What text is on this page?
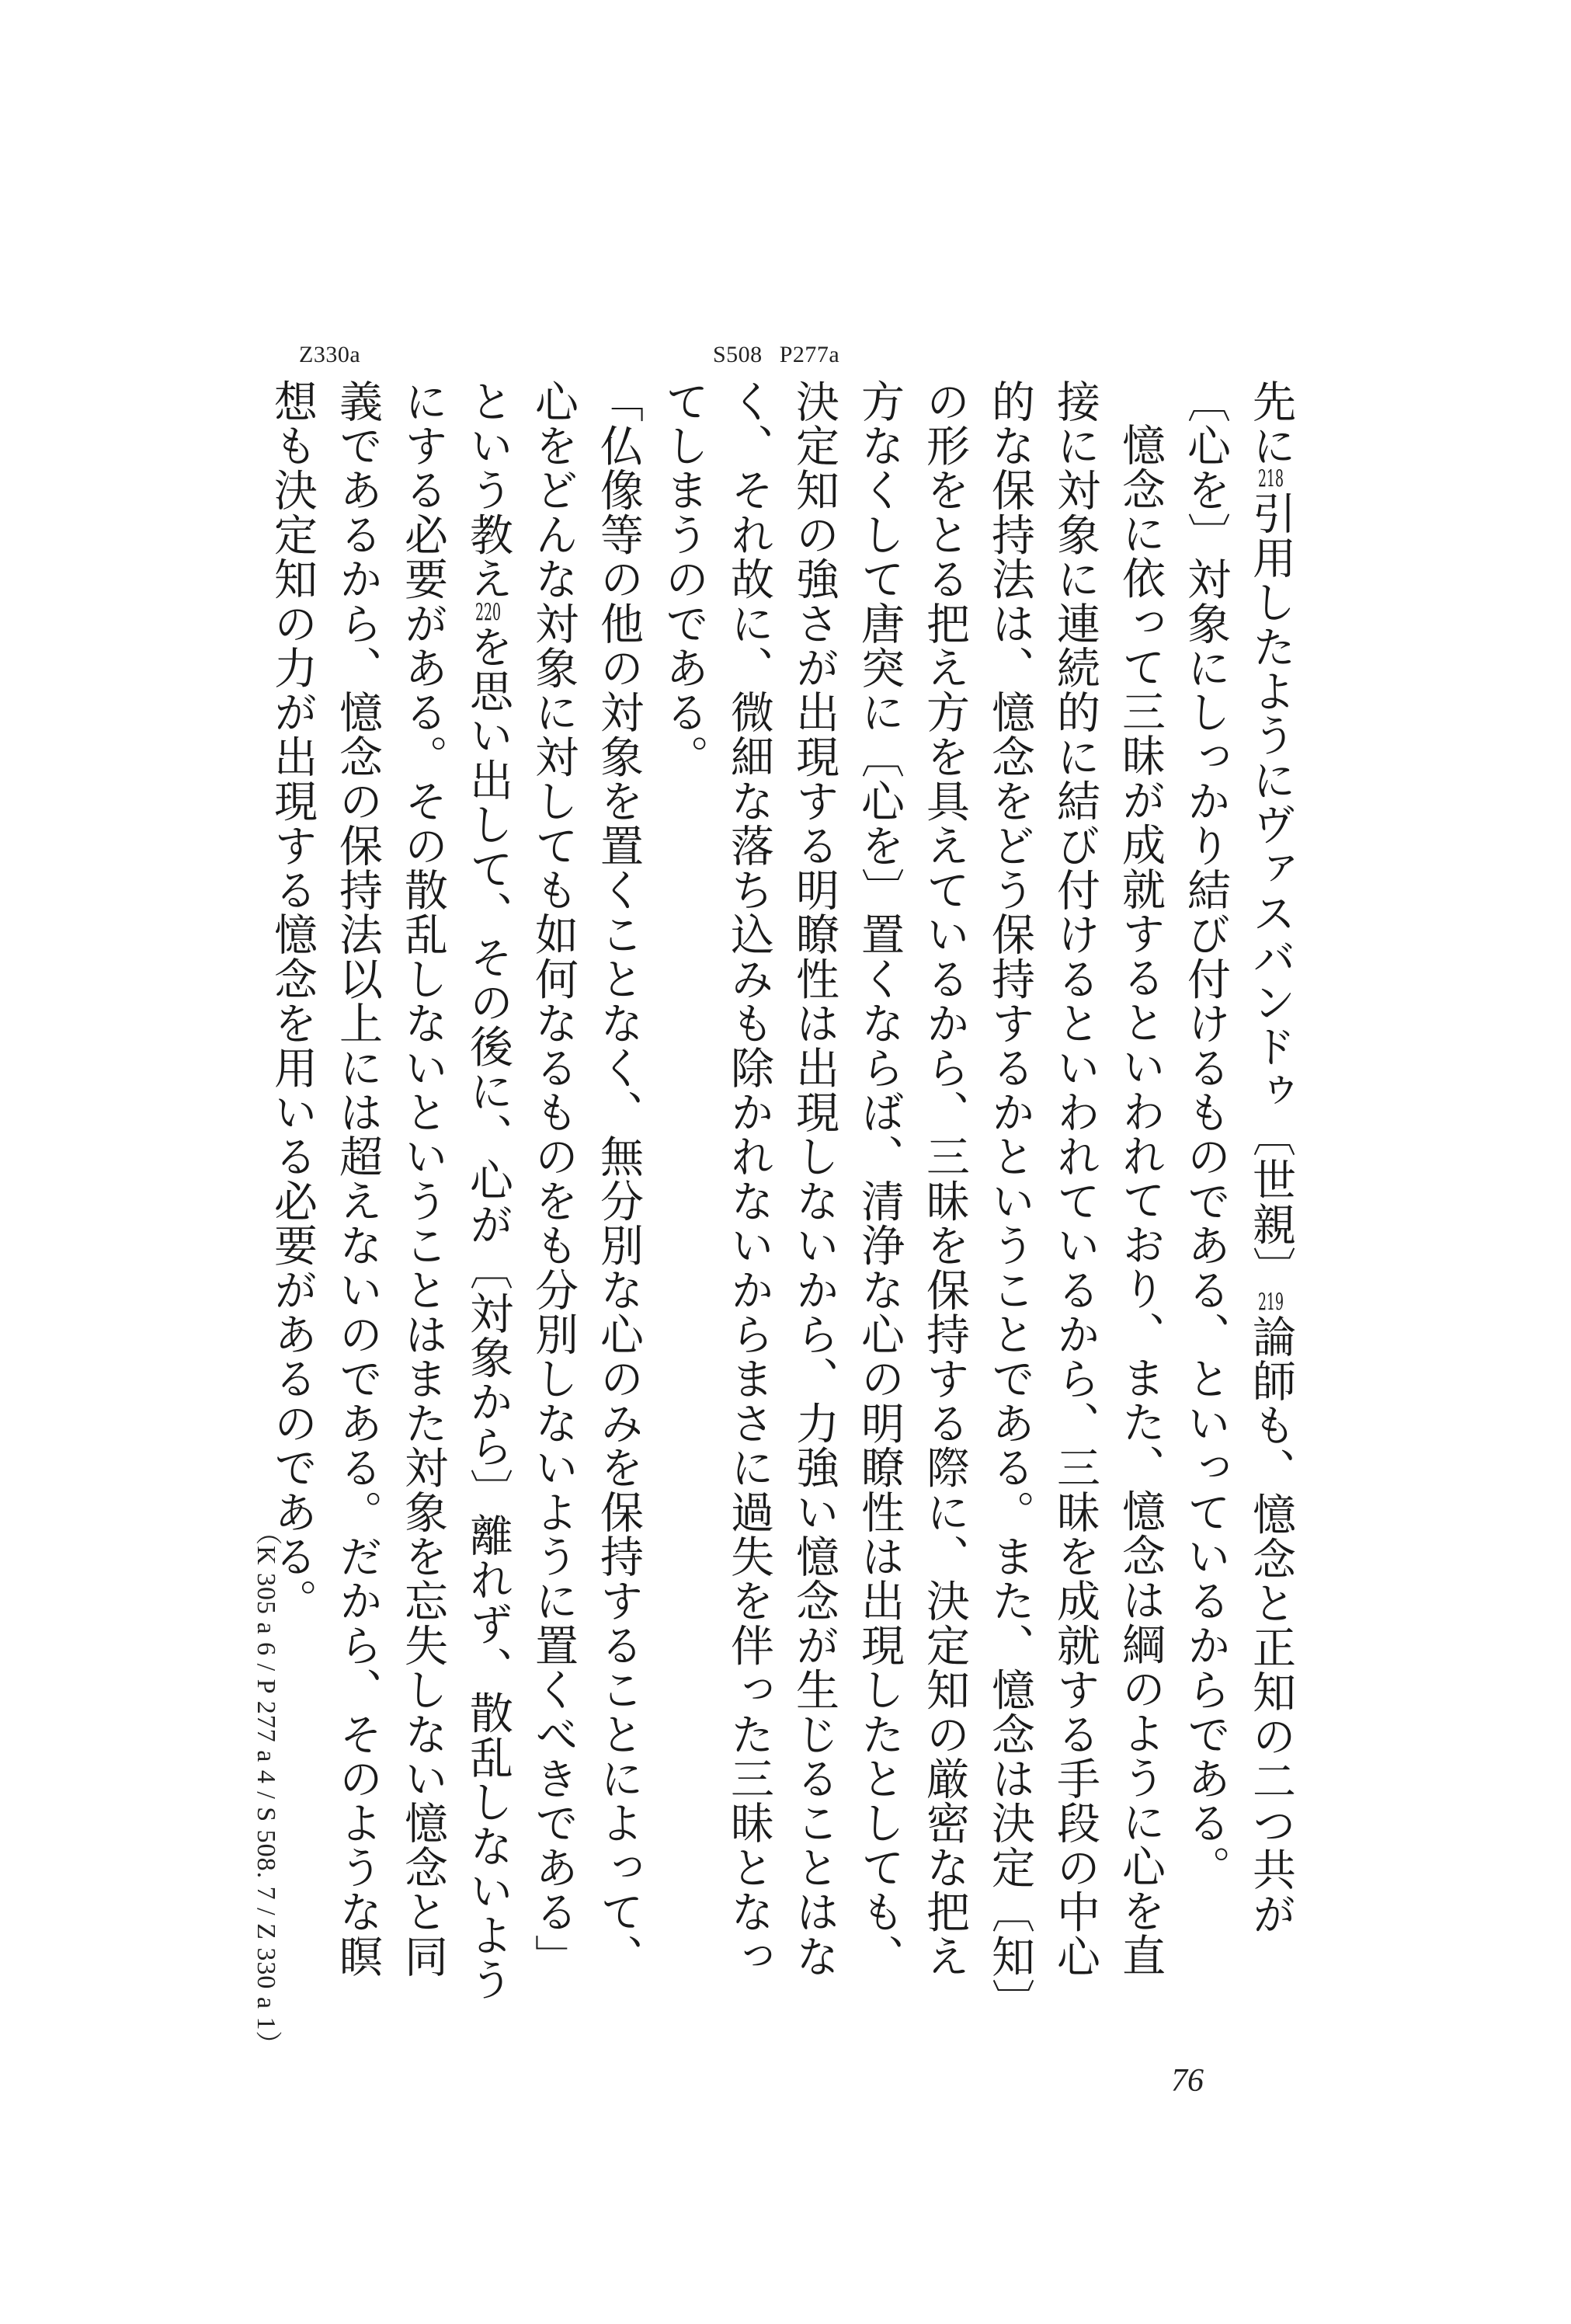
Z330a	S508 P277a

先に218引用したようにヴァスバンドゥ〔世親〕219論師も、憶念と正知の二つ共が〔心を〕対象にしっかり結び付けるものである、といっているからである。

憶念に依って三昧が成就するといわれており、また、憶念は綱のように心を直接に対象に連続的に結び付けるといわれているから、三昧を成就する手段の中心的な保持法は、憶念をどう保持するかということである。また、憶念は決定〔知〕の形をとる把え方を具えているから、三昧を保持する際に、決定知の厳密な把え方なくして唐突に〔心を〕置くならば、清浄な心の明瞭性は出現したとしても、決定知の強さが出現する明瞭性は出現しないから、力強い憶念が生じることはなく、それ故に、微細な落ち込みも除かれないからまさに過失を伴った三昧となってしまうのである。

「仏像等の他の対象を置くことなく、無分別な心のみを保持することによって、心をどんな対象に対しても如何なるものをも分別しないように置くべきである」という教え220を思い出して、その後に、心が〔対象から〕離れず、散乱しないようにする必要がある。その散乱しないということはまた対象を忘失しない憶念と同義であるから、憶念の保持法以上には超えないのである。だから、そのような瞑想も決定知の力が出現する憶念を用いる必要があるのである。

（K 305 a 6 / P 277 a 4 / S 508. 7 / Z 330 a 1）
76
